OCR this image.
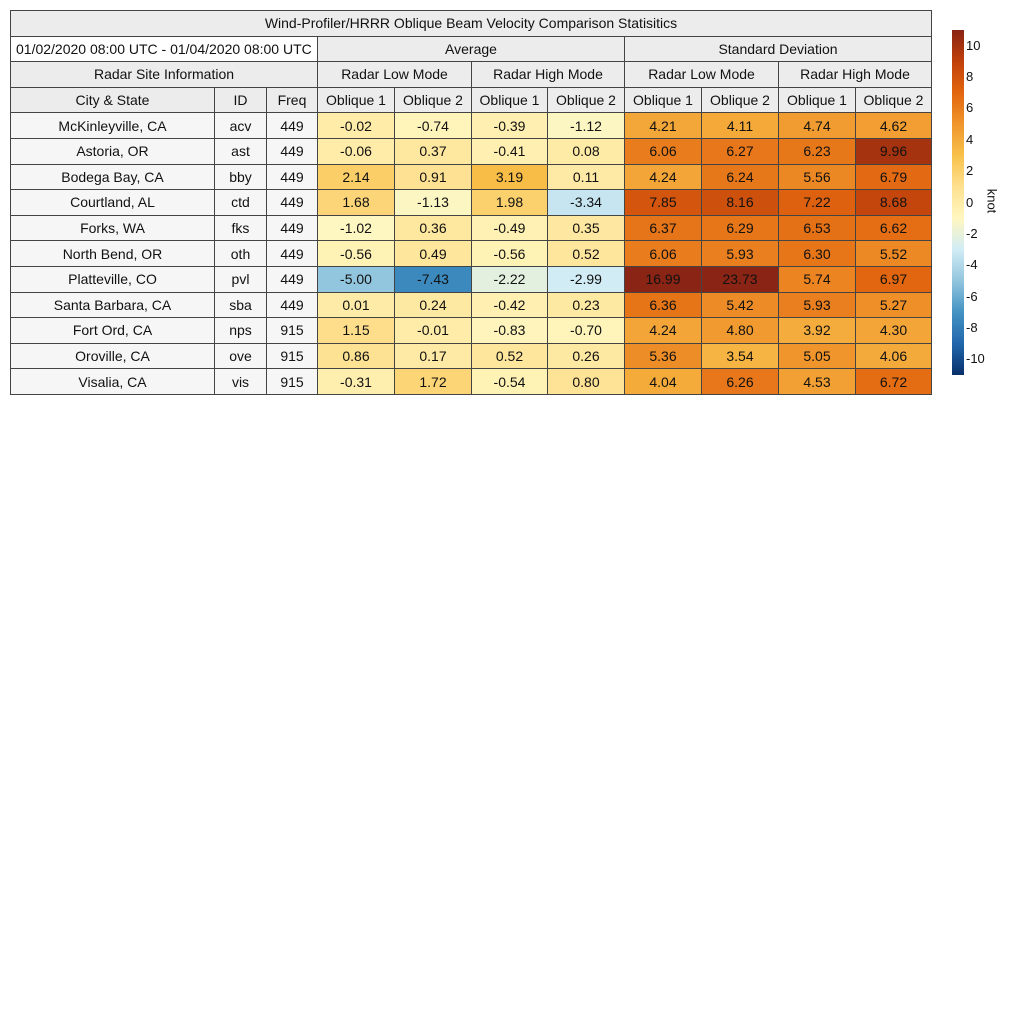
Wind-Profiler/HRRR Oblique Beam Velocity Comparison Statisitics										
01/02/2020 08:00 UTC - 01/04/2020 08:00 UTC			Average				Standard Deviation			
Radar Site Information			Radar Low Mode		Radar High Mode		Radar Low Mode		Radar High Mode	
City & State	ID	Freq	Oblique 1	Oblique 2	Oblique 1	Oblique 2	Oblique 1	Oblique 2	Oblique 1	Oblique 2
McKinleyville, CA	acv	449	-0.02	-0.74	-0.39	-1.12	4.21	4.11	4.74	4.62
Astoria, OR	ast	449	-0.06	0.37	-0.41	0.08	6.06	6.27	6.23	9.96
Bodega Bay, CA	bby	449	2.14	0.91	3.19	0.11	4.24	6.24	5.56	6.79
Courtland, AL	ctd	449	1.68	-1.13	1.98	-3.34	7.85	8.16	7.22	8.68
Forks, WA	fks	449	-1.02	0.36	-0.49	0.35	6.37	6.29	6.53	6.62
North Bend, OR	oth	449	-0.56	0.49	-0.56	0.52	6.06	5.93	6.30	5.52
Platteville, CO	pvl	449	-5.00	-7.43	-2.22	-2.99	16.99	23.73	5.74	6.97
Santa Barbara, CA	sba	449	0.01	0.24	-0.42	0.23	6.36	5.42	5.93	5.27
Fort Ord, CA	nps	915	1.15	-0.01	-0.83	-0.70	4.24	4.80	3.92	4.30
Oroville, CA	ove	915	0.86	0.17	0.52	0.26	5.36	3.54	5.05	4.06
Visalia, CA	vis	915	-0.31	1.72	-0.54	0.80	4.04	6.26	4.53	6.72
10
8
6
4
2
0
-2
-4
-6
-8
-10
knot
